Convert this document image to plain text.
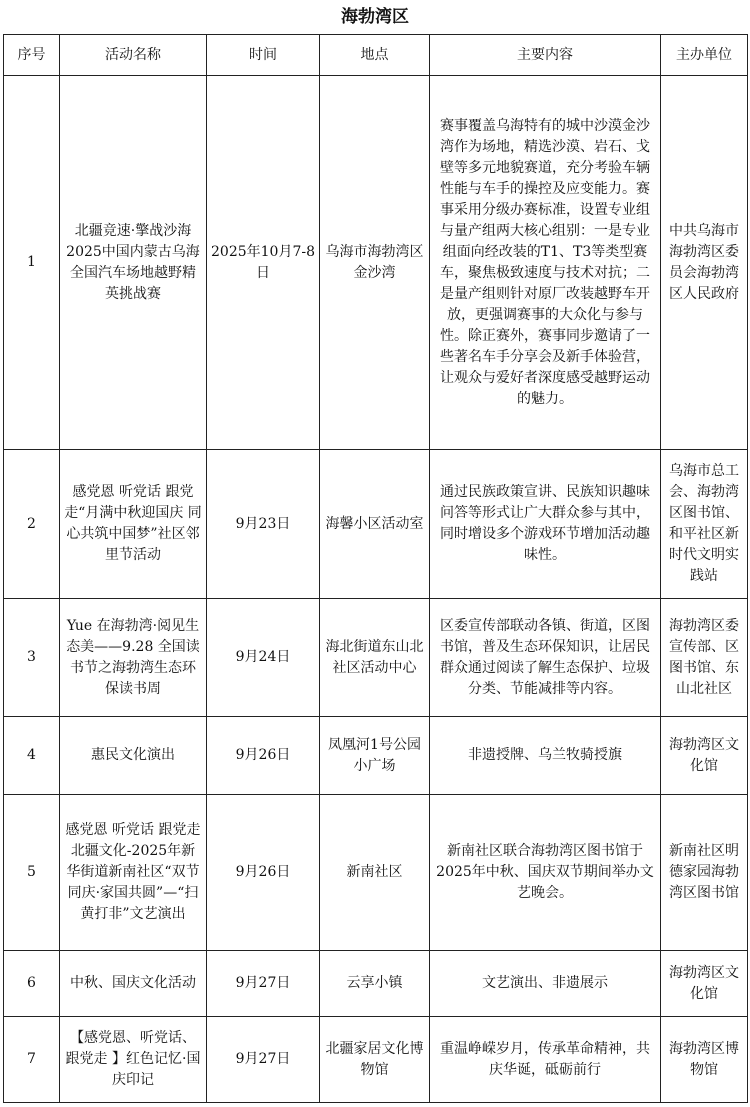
海勃湾区
序号	活动名称	时间	地点	主要内容	主办单位
1	北疆竞速·擎战沙海2025中国内蒙古乌海全国汽车场地越野精英挑战赛	2025年10月7-8日	乌海市海勃湾区金沙湾	赛事覆盖乌海特有的城中沙漠金沙湾作为场地，精选沙漠、岩石、戈壁等多元地貌赛道，充分考验车辆性能与车手的操控及应变能力。赛事采用分级办赛标准，设置专业组与量产组两大核心组别：一是专业组面向经改装的T1、T3等类型赛车，聚焦极致速度与技术对抗；二是量产组则针对原厂改装越野车开放，更强调赛事的大众化与参与性。除正赛外，赛事同步邀请了一些著名车手分享会及新手体验营，让观众与爱好者深度感受越野运动的魅力。	中共乌海市海勃湾区委员会海勃湾区人民政府
2	感党恩 听党话 跟党走“月满中秋迎国庆 同心共筑中国梦”社区邻里节活动	9月23日	海馨小区活动室	通过民族政策宣讲、民族知识趣味问答等形式让广大群众参与其中，同时增设多个游戏环节增加活动趣味性。	乌海市总工会、海勃湾区图书馆、和平社区新时代文明实践站
3	Yue 在海勃湾·阅见生态美——9.28 全国读书节之海勃湾生态环保读书周	9月24日	海北街道东山北社区活动中心	区委宣传部联动各镇、街道，区图书馆，普及生态环保知识，让居民群众通过阅读了解生态保护、垃圾分类、节能减排等内容。	海勃湾区委宣传部、区图书馆、东山北社区
4	惠民文化演出	9月26日	凤凰河1号公园小广场	非遗授牌、乌兰牧骑授旗	海勃湾区文化馆
5	感党恩 听党话 跟党走北疆文化-2025年新华街道新南社区“双节同庆·家国共圆”—“扫黄打非”文艺演出	9月26日	新南社区	新南社区联合海勃湾区图书馆于2025年中秋、国庆双节期间举办文艺晚会。	新南社区明德家园海勃湾区图书馆
6	中秋、国庆文化活动	9月27日	云享小镇	文艺演出、非遗展示	海勃湾区文化馆
7	【感党恩、听党话、跟党走 】红色记忆·国庆印记	9月27日	北疆家居文化博物馆	重温峥嵘岁月，传承革命精神，共庆华诞，砥砺前行	海勃湾区博物馆
